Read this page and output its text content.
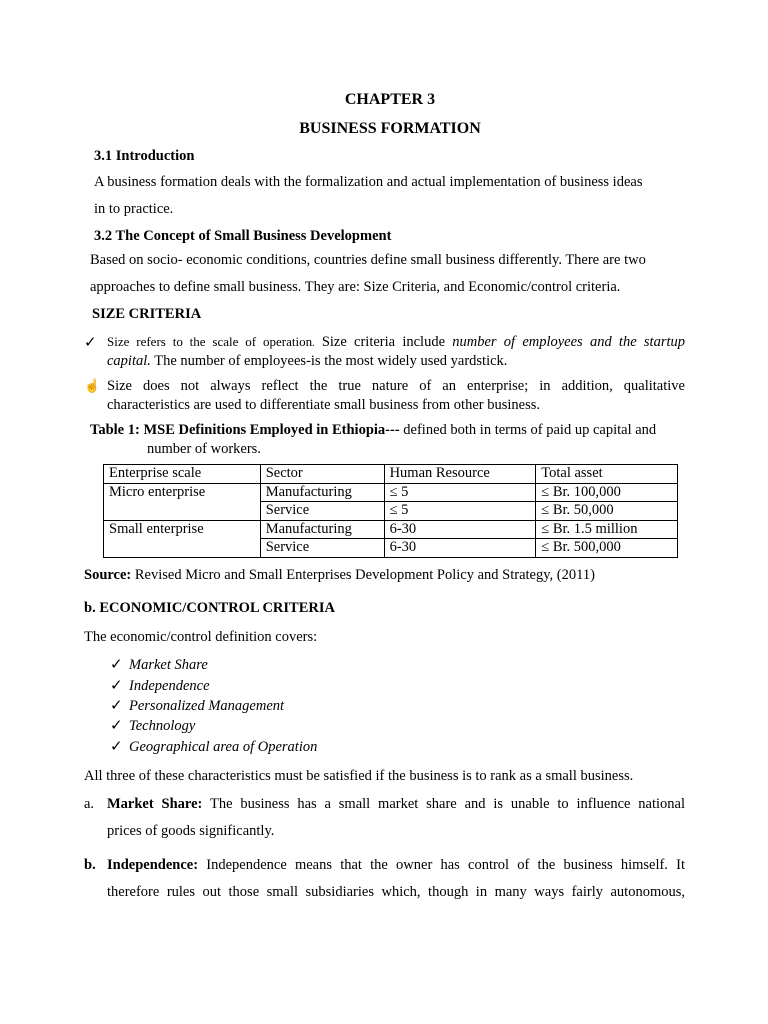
CHAPTER 3
BUSINESS FORMATION
3.1 Introduction
A business formation deals with the formalization and actual implementation of business ideas
in to practice.
3.2 The Concept of Small Business Development
Based on socio- economic conditions, countries define small business differently. There are two
approaches to define small business. They are: Size Criteria, and Economic/control criteria.
SIZE CRITERIA
✓ Size refers to the scale of operation. Size criteria include number of employees and the startup
capital. The number of employees-is the most widely used yardstick.
☝ Size does not always reflect the true nature of an enterprise; in addition, qualitative
characteristics are used to differentiate small business from other business.
Table 1: MSE Definitions Employed in Ethiopia--- defined both in terms of paid up capital and
number of workers.
Enterprise scale	Sector	Human Resource	Total asset
Micro enterprise	Manufacturing	≤ 5	≤ Br. 100,000
	Service	≤ 5	≤ Br. 50,000
Small enterprise	Manufacturing	6-30	≤ Br. 1.5 million
	Service	6-30	≤ Br. 500,000
Source: Revised Micro and Small Enterprises Development Policy and Strategy, (2011)
b. ECONOMIC/CONTROL CRITERIA
The economic/control definition covers:
✓ Market Share
✓ Independence
✓ Personalized Management
✓ Technology
✓ Geographical area of Operation
All three of these characteristics must be satisfied if the business is to rank as a small business.
a. Market Share: The business has a small market share and is unable to influence national
prices of goods significantly.
b. Independence: Independence means that the owner has control of the business himself. It
therefore rules out those small subsidiaries which, though in many ways fairly autonomous,
